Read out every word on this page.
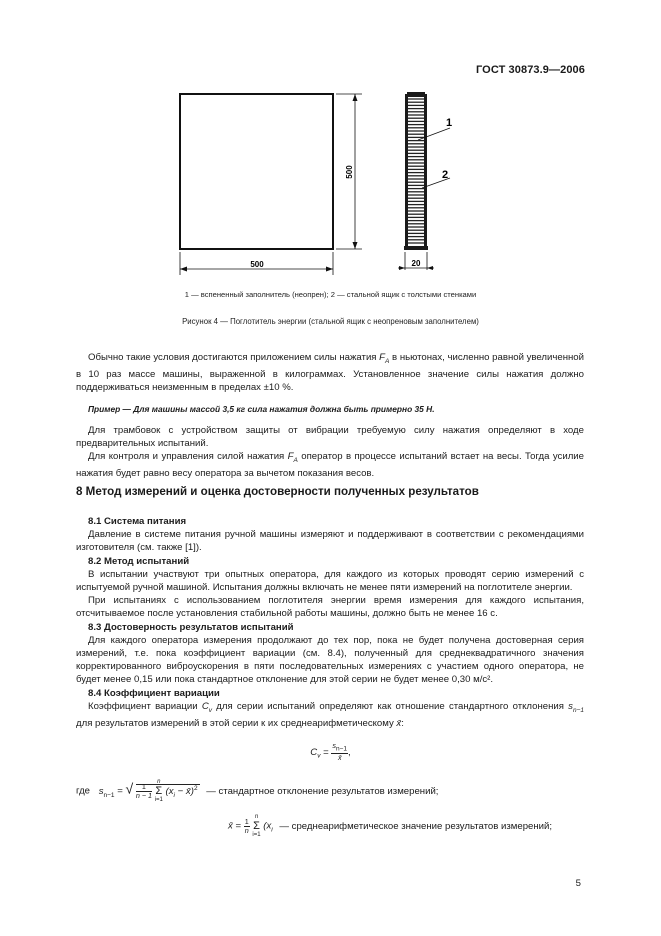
ГОСТ 30873.9—2006
500
500	20
1
2
1 — вспененный заполнитель (неопрен); 2 — стальной ящик с толстыми стенками
Рисунок 4 — Поглотитель энергии (стальной ящик с неопреновым заполнителем)

Обычно такие условия достигаются приложением силы нажатия $F_A$ в ньютонах, численно равной увеличенной в 10 раз массе машины, выраженной в килограммах. Установленное значение силы нажатия должно поддерживаться неизменным в пределах ±10 %.

Пример — Для машины массой 3,5 кг сила нажатия должна быть примерно 35 Н.

Для трамбовок с устройством защиты от вибрации требуемую силу нажатия определяют в ходе предварительных испытаний.

Для контроля и управления силой нажатия $F_A$ оператор в процессе испытаний встает на весы. Тогда усилие нажатия будет равно весу оператора за вычетом показания весов.

8 Метод измерений и оценка достоверности полученных результатов

8.1 Система питания

Давление в системе питания ручной машины измеряют и поддерживают в соответствии с рекомендациями изготовителя (см. также [1]).

8.2 Метод испытаний

В испытании участвуют три опытных оператора, для каждого из которых проводят серию измерений с испытуемой ручной машиной. Испытания должны включать не менее пяти измерений на поглотителе энергии.

При испытаниях с использованием поглотителя энергии время измерения для каждого испытания, отсчитываемое после установления стабильной работы машины, должно быть не менее 16 с.

8.3 Достоверность результатов испытаний

Для каждого оператора измерения продолжают до тех пор, пока не будет получена достоверная серия измерений, т.е. пока коэффициент вариации (см. 8.4), полученный для среднеквадратичного значения корректированного виброускорения в пяти последовательных измерениях с участием одного оператора, не будет менее 0,15 или пока стандартное отклонение для этой серии не будет менее 0,30 м/с².

8.4 Коэффициент вариации

Коэффициент вариации $C_v$ для серии испытаний определяют как отношение стандартного отклонения $s_{n-1}$ для результатов измерений в этой серии к их среднеарифметическому x̄:

$C_v = \frac{s_{n-1}}{x̄}$ ,
где $s_{n-1}$ = √ $\frac{1}{n - 1}$

n
Σ
i=1
($x_i$ − x̄)$^2$ — стандартное отклонение результатов измерений;
x̄ = $\frac{1}{n}$

n
Σ
i=1
($x_i$ — среднеарифметическое значение результатов измерений;
5
